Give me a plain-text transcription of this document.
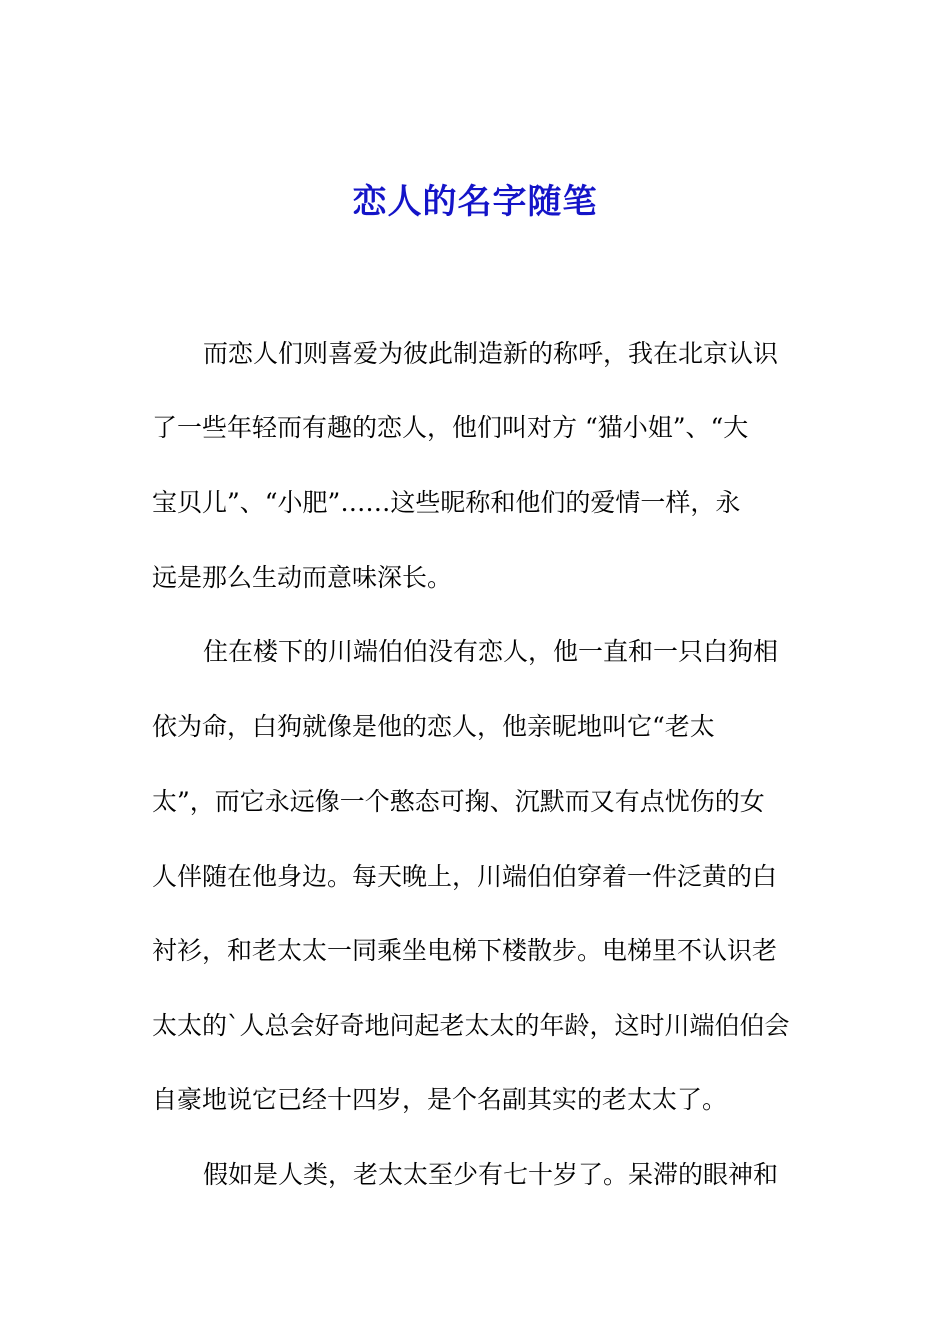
恋人的名字随笔
而恋人们则喜爱为彼此制造新的称呼，我在北京认识
了一些年轻而有趣的恋人，他们叫对方 “猫小姐”、“大
宝贝儿”、“小肥”……这些昵称和他们的爱情一样，永
远是那么生动而意味深长。
住在楼下的川端伯伯没有恋人，他一直和一只白狗相
依为命，白狗就像是他的恋人，他亲昵地叫它“老太
太”，而它永远像一个憨态可掬、沉默而又有点忧伤的女
人伴随在他身边。每天晚上，川端伯伯穿着一件泛黄的白
衬衫，和老太太一同乘坐电梯下楼散步。电梯里不认识老
太太的`人总会好奇地问起老太太的年龄，这时川端伯伯会
自豪地说它已经十四岁，是个名副其实的老太太了。
假如是人类，老太太至少有七十岁了。呆滞的眼神和
